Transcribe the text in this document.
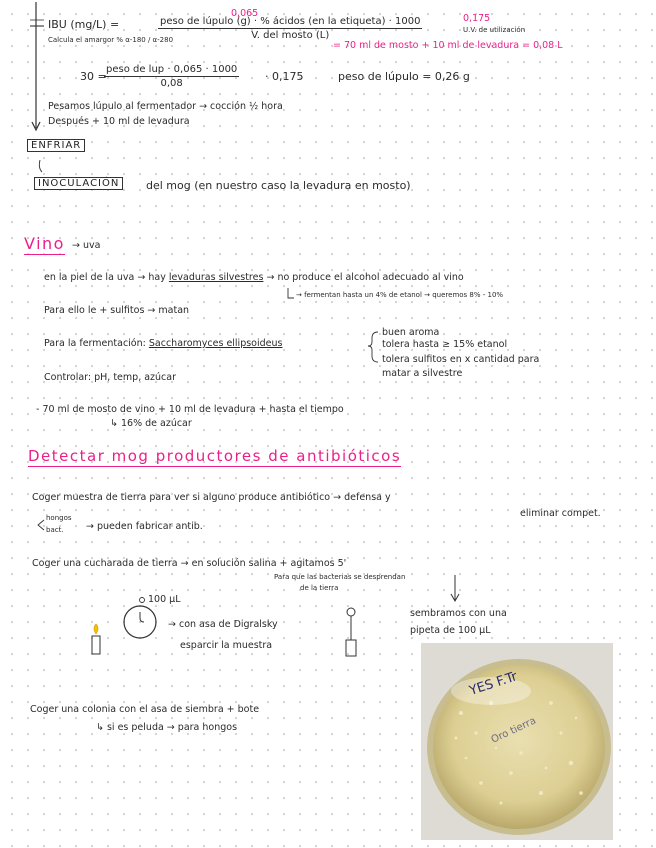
0,065
IBU (mg/L) =	peso de lúpulo (g) · % ácidos (en la etiqueta) · 1000
V. del mosto (L)
Calcula el amargor % α-180 / α-280	= 70 ml de mosto + 10 ml de levadura = 0,08 L
0,175
U.V. de utilización
30 =
peso de lup · 0,065 · 1000
0,08
· 0,175	peso de lúpulo = 0,26 g
Pesamos lúpulo al fermentador → cocción ½ hora
Después + 10 ml de levadura
ENFRIAR
INOCULACIÓN	del mog (en nuestro caso la levadura en mosto)
Vino → uva
en la piel de la uva → hay levaduras silvestres → no produce el alcohol adecuado al vino
→ fermentan hasta un 4% de etanol → queremos 8% - 10%
Para ello le + sulfitos → matan
Para la fermentación: Saccharomyces ellipsoideus
buen aroma
tolera hasta ≥ 15% etanol
tolera sulfitos en x cantidad para
matar a silvestre
Controlar: pH, temp, azúcar
- 70 ml de mosto de vino + 10 ml de levadura + hasta el tiempo
↳ 16% de azúcar
Detectar mog productores de antibióticos
Coger muestra de tierra para ver si alguno produce antibiótico → defensa y
eliminar compet.
hongos
bact. → pueden fabricar antib.
Coger una cucharada de tierra → en solución salina + agitamos 5'
Para que las bacterias se desprendan
de la tierra
100 µL
→ con asa de Digralsky
esparcir la muestra
sembramos con una
pipeta de 100 µL
Coger una colonia con el asa de siembra + bote
↳ si es peluda → para hongos
YES F.Tr
Oro tierra
